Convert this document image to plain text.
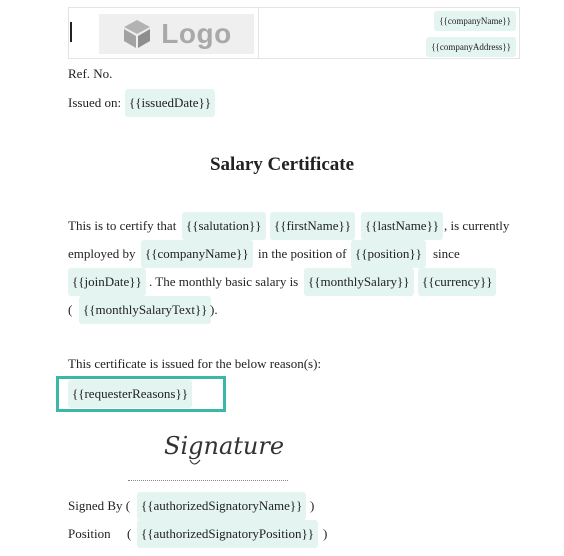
Logo	{{companyName}}
{{companyAddress}}
Ref. No.
Issued on: {{issuedDate}}
Salary Certificate
This is to certify that {{salutation}} {{firstName}}	{{lastName}} , is currently
employed by {{companyName}} in the position of {{position}} since
{{joinDate}} . The monthly basic salary is {{monthlySalary}} {{currency}}
( {{monthlySalaryText}} ).
This certificate is issued for the below reason(s):
{{requesterReasons}}
Signature
Signed By ( {{authorizedSignatoryName}} )
Position ( {{authorizedSignatoryPosition}} )
